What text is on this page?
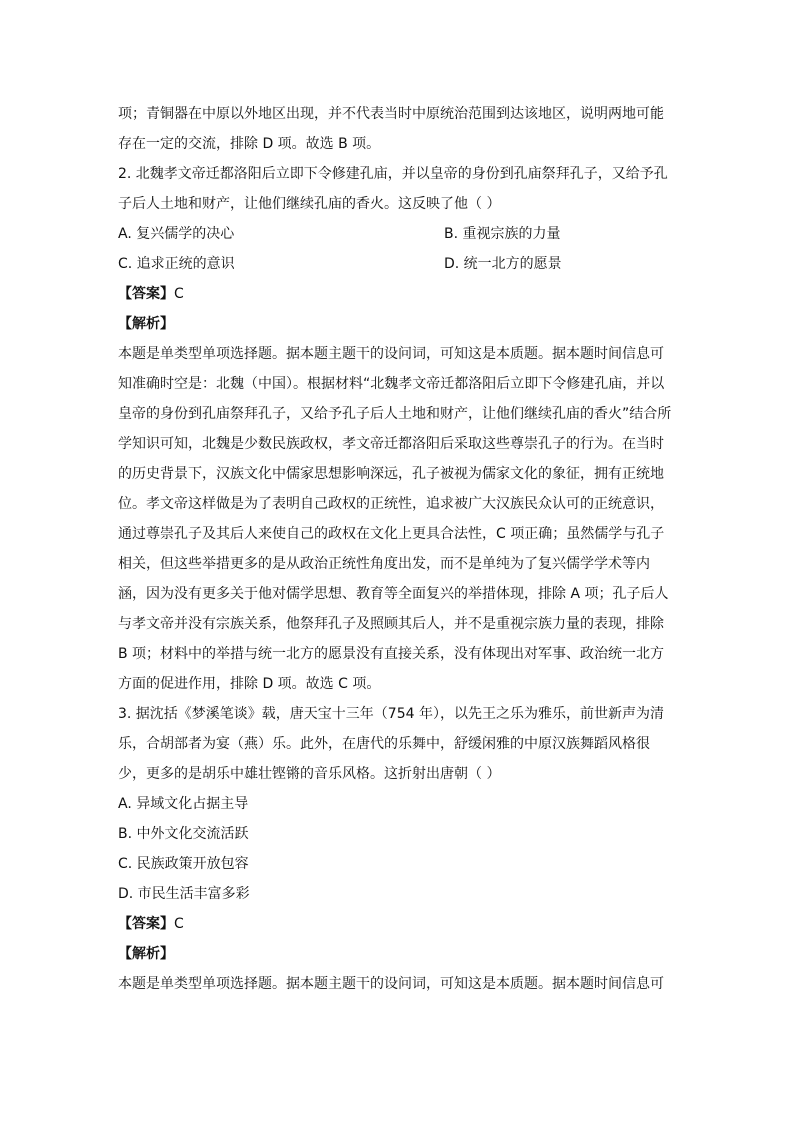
项；青铜器在中原以外地区出现，并不代表当时中原统治范围到达该地区，说明两地可能
存在一定的交流，排除 D 项。故选 B 项。
2. 北魏孝文帝迁都洛阳后立即下令修建孔庙，并以皇帝的身份到孔庙祭拜孔子，又给予孔
子后人土地和财产，让他们继续孔庙的香火。这反映了他（ ）
A. 复兴儒学的决心	B. 重视宗族的力量
C. 追求正统的意识	D. 统一北方的愿景
【答案】C
【解析】
本题是单类型单项选择题。据本题主题干的设问词，可知这是本质题。据本题时间信息可
知准确时空是：北魏（中国）。根据材料“北魏孝文帝迁都洛阳后立即下令修建孔庙，并以
皇帝的身份到孔庙祭拜孔子，又给予孔子后人土地和财产，让他们继续孔庙的香火”结合所
学知识可知，北魏是少数民族政权，孝文帝迁都洛阳后采取这些尊崇孔子的行为。在当时
的历史背景下，汉族文化中儒家思想影响深远，孔子被视为儒家文化的象征，拥有正统地
位。孝文帝这样做是为了表明自己政权的正统性，追求被广大汉族民众认可的正统意识，
通过尊崇孔子及其后人来使自己的政权在文化上更具合法性，C 项正确；虽然儒学与孔子
相关，但这些举措更多的是从政治正统性角度出发，而不是单纯为了复兴儒学学术等内
涵，因为没有更多关于他对儒学思想、教育等全面复兴的举措体现，排除 A 项；孔子后人
与孝文帝并没有宗族关系，他祭拜孔子及照顾其后人，并不是重视宗族力量的表现，排除
B 项；材料中的举措与统一北方的愿景没有直接关系，没有体现出对军事、政治统一北方
方面的促进作用，排除 D 项。故选 C 项。
3. 据沈括《梦溪笔谈》载，唐天宝十三年（754 年），以先王之乐为雅乐，前世新声为清
乐，合胡部者为宴（燕）乐。此外，在唐代的乐舞中，舒缓闲雅的中原汉族舞蹈风格很
少，更多的是胡乐中雄壮铿锵的音乐风格。这折射出唐朝（ ）
A. 异域文化占据主导
B. 中外文化交流活跃
C. 民族政策开放包容
D. 市民生活丰富多彩
【答案】C
【解析】
本题是单类型单项选择题。据本题主题干的设问词，可知这是本质题。据本题时间信息可
